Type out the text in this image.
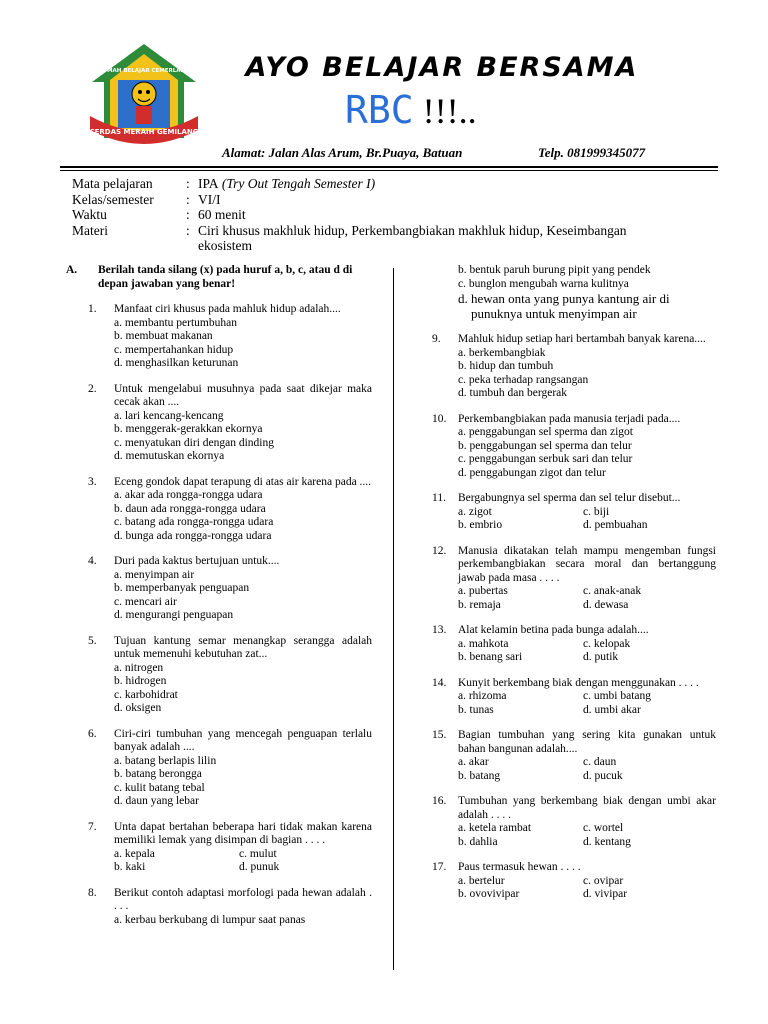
CERDAS MERAIH GEMILANG
RUMAH BELAJAR CEMERLANG	AYO BELAJAR BERSAMA
RBC !!!..
Alamat: Jalan Alas Arum, Br.Puaya, Batuan	Telp. 081999345077
Mata pelajaran	: IPA (Try Out Tengah Semester I)
Kelas/semester	: VI/I
Waktu	: 60 menit
Materi	: Ciri khusus makhluk hidup, Perkembangbiakan makhluk hidup, Keseimbangan
ekosistem
A.	Berilah tanda silang (x) pada huruf a, b, c, atau d di depan jawaban yang benar!
1.	Manfaat ciri khusus pada mahluk hidup adalah....
a. membantu pertumbuhan
b. membuat makanan
c. mempertahankan hidup
d. menghasilkan keturunan
2.	Untuk mengelabui musuhnya pada saat dikejar maka cecak akan ....
a. lari kencang-kencang
b. menggerak-gerakkan ekornya
c. menyatukan diri dengan dinding
d. memutuskan ekornya
3.	Eceng gondok dapat terapung di atas air karena pada ....
a. akar ada rongga-rongga udara
b. daun ada rongga-rongga udara
c. batang ada rongga-rongga udara
d. bunga ada rongga-rongga udara
4.	Duri pada kaktus bertujuan untuk....
a. menyimpan air
b. memperbanyak penguapan
c. mencari air
d. mengurangi penguapan
5.	Tujuan kantung semar menangkap serangga adalah untuk memenuhi kebutuhan zat...
a. nitrogen
b. hidrogen
c. karbohidrat
d. oksigen
6.	Ciri-ciri tumbuhan yang mencegah penguapan terlalu banyak adalah ....
a. batang berlapis lilin
b. batang berongga
c. kulit batang tebal
d. daun yang lebar
7.	Unta dapat bertahan beberapa hari tidak makan karena memiliki lemak yang disimpan di bagian . . . .
a. kepala	c. mulut
b. kaki	d. punuk
8.	Berikut contoh adaptasi morfologi pada hewan adalah . . . .
a. kerbau berkubang di lumpur saat panas
b. bentuk paruh burung pipit yang pendek
c. bunglon mengubah warna kulitnya
d. hewan onta yang punya kantung air di punuknya untuk menyimpan air
9.	Mahluk hidup setiap hari bertambah banyak karena....
a. berkembangbiak
b. hidup dan tumbuh
c. peka terhadap rangsangan
d. tumbuh dan bergerak
10.	Perkembangbiakan pada manusia terjadi pada....
a. penggabungan sel sperma dan zigot
b. penggabungan sel sperma dan telur
c. penggabungan serbuk sari dan telur
d. penggabungan zigot dan telur
11.	Bergabungnya sel sperma dan sel telur disebut...
a. zigot	c. biji
b. embrio	d. pembuahan
12.	Manusia dikatakan telah mampu mengemban fungsi perkembangbiakan secara moral dan bertanggung jawab pada masa . . . .
a. pubertas	c. anak-anak
b. remaja	d. dewasa
13.	Alat kelamin betina pada bunga adalah....
a. mahkota	c. kelopak
b. benang sari	d. putik
14.	Kunyit berkembang biak dengan menggunakan . . . .
a. rhizoma	c. umbi batang
b. tunas	d. umbi akar
15.	Bagian tumbuhan yang sering kita gunakan untuk bahan bangunan adalah....
a. akar	c. daun
b. batang	d. pucuk
16.	Tumbuhan yang berkembang biak dengan umbi akar adalah . . . .
a. ketela rambat	c. wortel
b. dahlia	d. kentang
17.	Paus termasuk hewan . . . .
a. bertelur	c. ovipar
b. ovovivipar	d. vivipar
